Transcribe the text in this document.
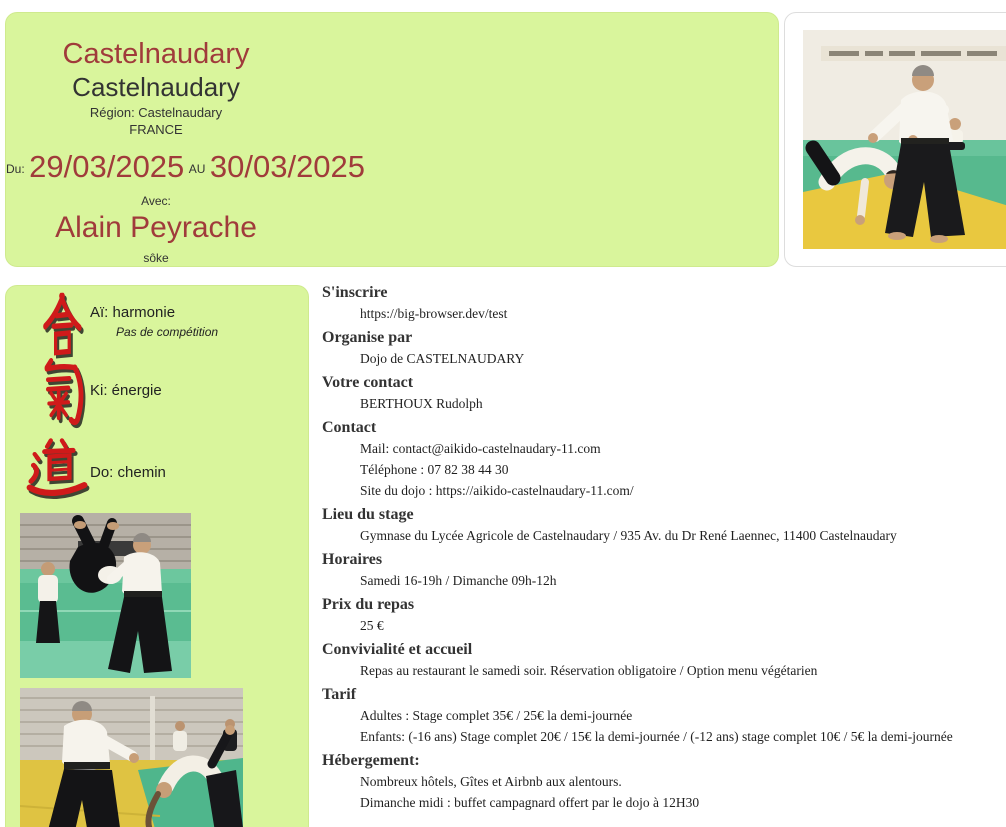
Castelnaudary
Castelnaudary
Région: Castelnaudary
FRANCE
$^{Du:}$ 29/03/2025 $^{AU}$ 30/03/2025
Avec:
Alain Peyrache
sôke
Aï: harmonie
Pas de compétition
Ki: énergie
Do: chemin
S'inscrire
https://big-browser.dev/test
Organise par
Dojo de CASTELNAUDARY
Votre contact
BERTHOUX Rudolph
Contact
Mail: contact@aikido-castelnaudary-11.com
Téléphone : 07 82 38 44 30
Site du dojo : https://aikido-castelnaudary-11.com/
Lieu du stage
Gymnase du Lycée Agricole de Castelnaudary / 935 Av. du Dr René Laennec, 11400 Castelnaudary
Horaires
Samedi 16-19h / Dimanche 09h-12h
Prix du repas
25 €
Convivialité et accueil
Repas au restaurant le samedi soir. Réservation obligatoire / Option menu végétarien
Tarif
Adultes : Stage complet 35€ / 25€ la demi-journée
Enfants: (-16 ans) Stage complet 20€ / 15€ la demi-journée / (-12 ans) stage complet 10€ / 5€ la demi-journée
Hébergement:
Nombreux hôtels, Gîtes et Airbnb aux alentours.
Dimanche midi : buffet campagnard offert par le dojo à 12H30
